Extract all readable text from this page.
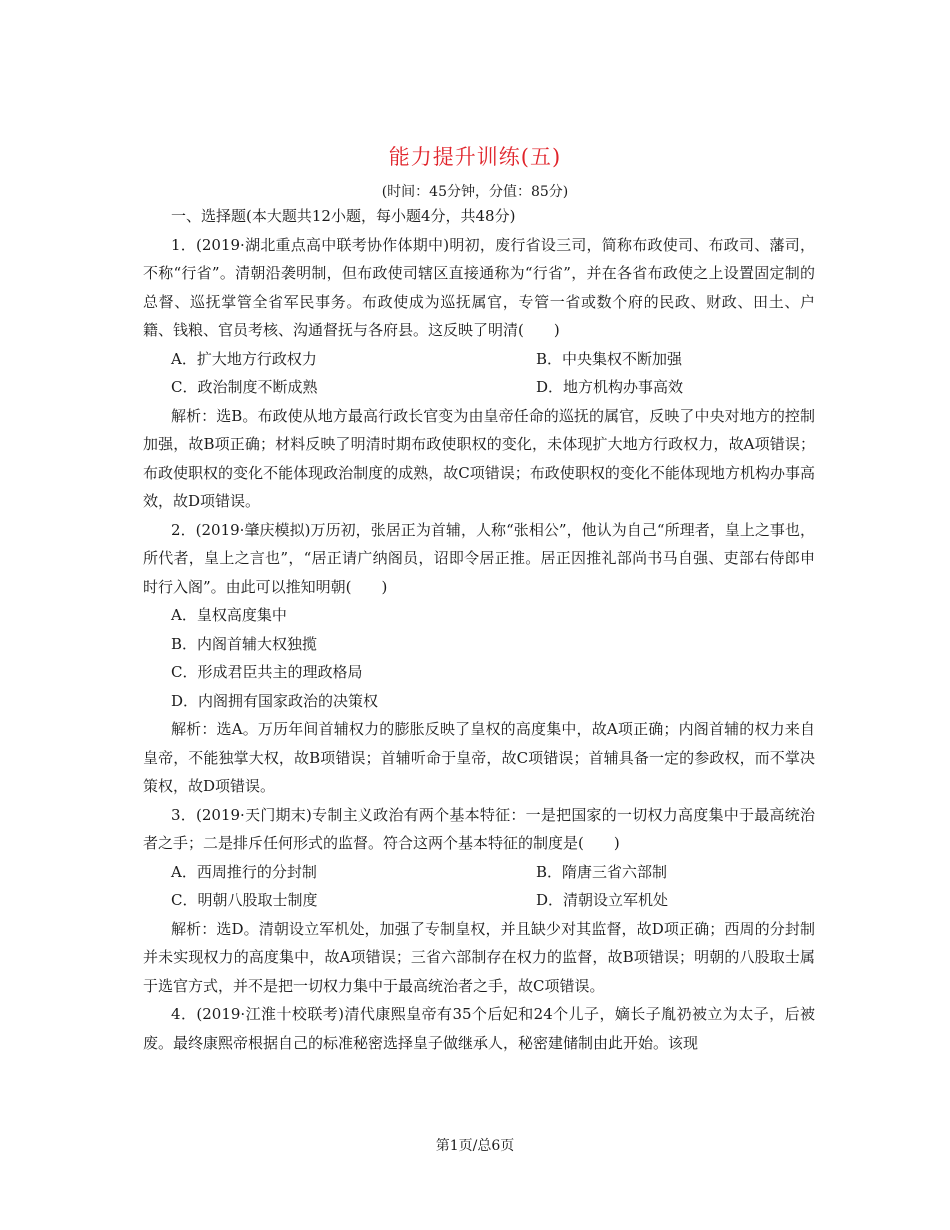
能力提升训练(五)
(时间：45分钟，分值：85分)
一、选择题(本大题共12小题，每小题4分，共48分)
1．(2019·湖北重点高中联考协作体期中)明初，废行省设三司，简称布政使司、布政司、藩司，不称“行省”。清朝沿袭明制，但布政使司辖区直接通称为“行省”，并在各省布政使之上设置固定制的总督、巡抚掌管全省军民事务。布政使成为巡抚属官，专管一省或数个府的民政、财政、田土、户籍、钱粮、官员考核、沟通督抚与各府县。这反映了明清(　　)
A．扩大地方行政权力	B．中央集权不断加强
C．政治制度不断成熟	D．地方机构办事高效
解析：选B。布政使从地方最高行政长官变为由皇帝任命的巡抚的属官，反映了中央对地方的控制加强，故B项正确；材料反映了明清时期布政使职权的变化，未体现扩大地方行政权力，故A项错误；布政使职权的变化不能体现政治制度的成熟，故C项错误；布政使职权的变化不能体现地方机构办事高效，故D项错误。
2．(2019·肇庆模拟)万历初，张居正为首辅，人称“张相公”，他认为自己“所理者，皇上之事也，所代者，皇上之言也”，“居正请广纳阁员，诏即令居正推。居正因推礼部尚书马自强、吏部右侍郎申时行入阁”。由此可以推知明朝(　　)
A．皇权高度集中
B．内阁首辅大权独揽
C．形成君臣共主的理政格局
D．内阁拥有国家政治的决策权
解析：选A。万历年间首辅权力的膨胀反映了皇权的高度集中，故A项正确；内阁首辅的权力来自皇帝，不能独掌大权，故B项错误；首辅听命于皇帝，故C项错误；首辅具备一定的参政权，而不掌决策权，故D项错误。
3．(2019·天门期末)专制主义政治有两个基本特征：一是把国家的一切权力高度集中于最高统治者之手；二是排斥任何形式的监督。符合这两个基本特征的制度是(　　)
A．西周推行的分封制	B．隋唐三省六部制
C．明朝八股取士制度	D．清朝设立军机处
解析：选D。清朝设立军机处，加强了专制皇权，并且缺少对其监督，故D项正确；西周的分封制并未实现权力的高度集中，故A项错误；三省六部制存在权力的监督，故B项错误；明朝的八股取士属于选官方式，并不是把一切权力集中于最高统治者之手，故C项错误。
4．(2019·江淮十校联考)清代康熙皇帝有35个后妃和24个儿子，嫡长子胤礽被立为太子，后被废。最终康熙帝根据自己的标准秘密选择皇子做继承人，秘密建储制由此开始。该现
第1页/总6页
